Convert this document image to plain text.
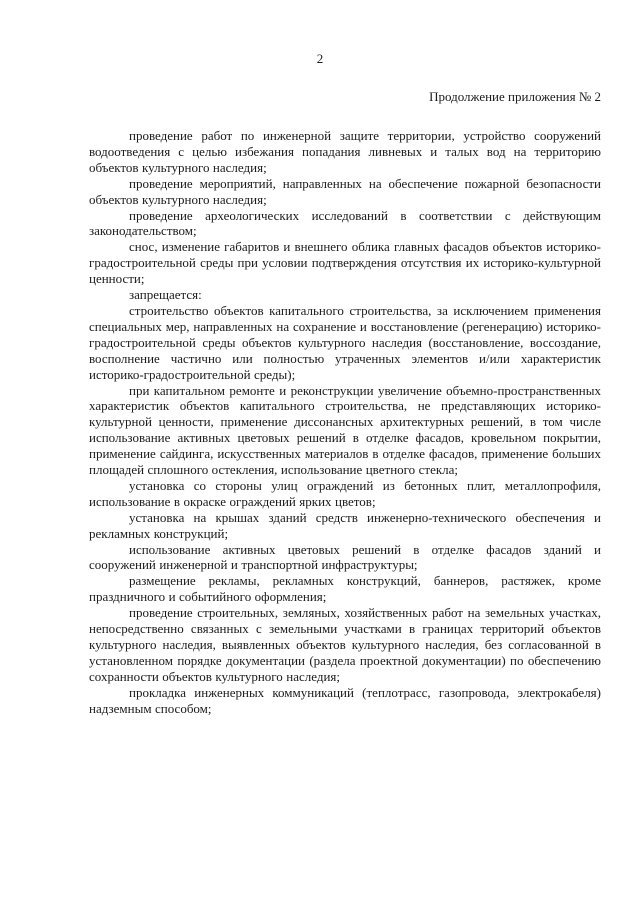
2
Продолжение приложения № 2

проведение работ по инженерной защите территории, устройство сооружений водоотведения с целью избежания попадания ливневых и талых вод на территорию объектов культурного наследия;

проведение мероприятий, направленных на обеспечение пожарной безопасности объектов культурного наследия;

проведение археологических исследований в соответствии с действующим законодательством;

снос, изменение габаритов и внешнего облика главных фасадов объектов историко-градостроительной среды при условии подтверждения отсутствия их историко-культурной ценности;

запрещается:

строительство объектов капитального строительства, за исключением применения специальных мер, направленных на сохранение и восстановление (регенерацию) историко-градостроительной среды объектов культурного наследия (восстановление, воссоздание, восполнение частично или полностью утраченных элементов и/или характеристик историко-градостроительной среды);

при капитальном ремонте и реконструкции увеличение объемно-пространственных характеристик объектов капитального строительства, не представляющих историко-культурной ценности, применение диссонансных архитектурных решений, в том числе использование активных цветовых решений в отделке фасадов, кровельном покрытии, применение сайдинга, искусственных материалов в отделке фасадов, применение больших площадей сплошного остекления, использование цветного стекла;

установка со стороны улиц ограждений из бетонных плит, металлопрофиля, использование в окраске ограждений ярких цветов;

установка на крышах зданий средств инженерно-технического обеспечения и рекламных конструкций;

использование активных цветовых решений в отделке фасадов зданий и сооружений инженерной и транспортной инфраструктуры;

размещение рекламы, рекламных конструкций, баннеров, растяжек, кроме праздничного и событийного оформления;

проведение строительных, земляных, хозяйственных работ на земельных участках, непосредственно связанных с земельными участками в границах территорий объектов культурного наследия, выявленных объектов культурного наследия, без согласованной в установленном порядке документации (раздела проектной документации) по обеспечению сохранности объектов культурного наследия;

прокладка инженерных коммуникаций (теплотрасс, газопровода, электрокабеля) надземным способом;
